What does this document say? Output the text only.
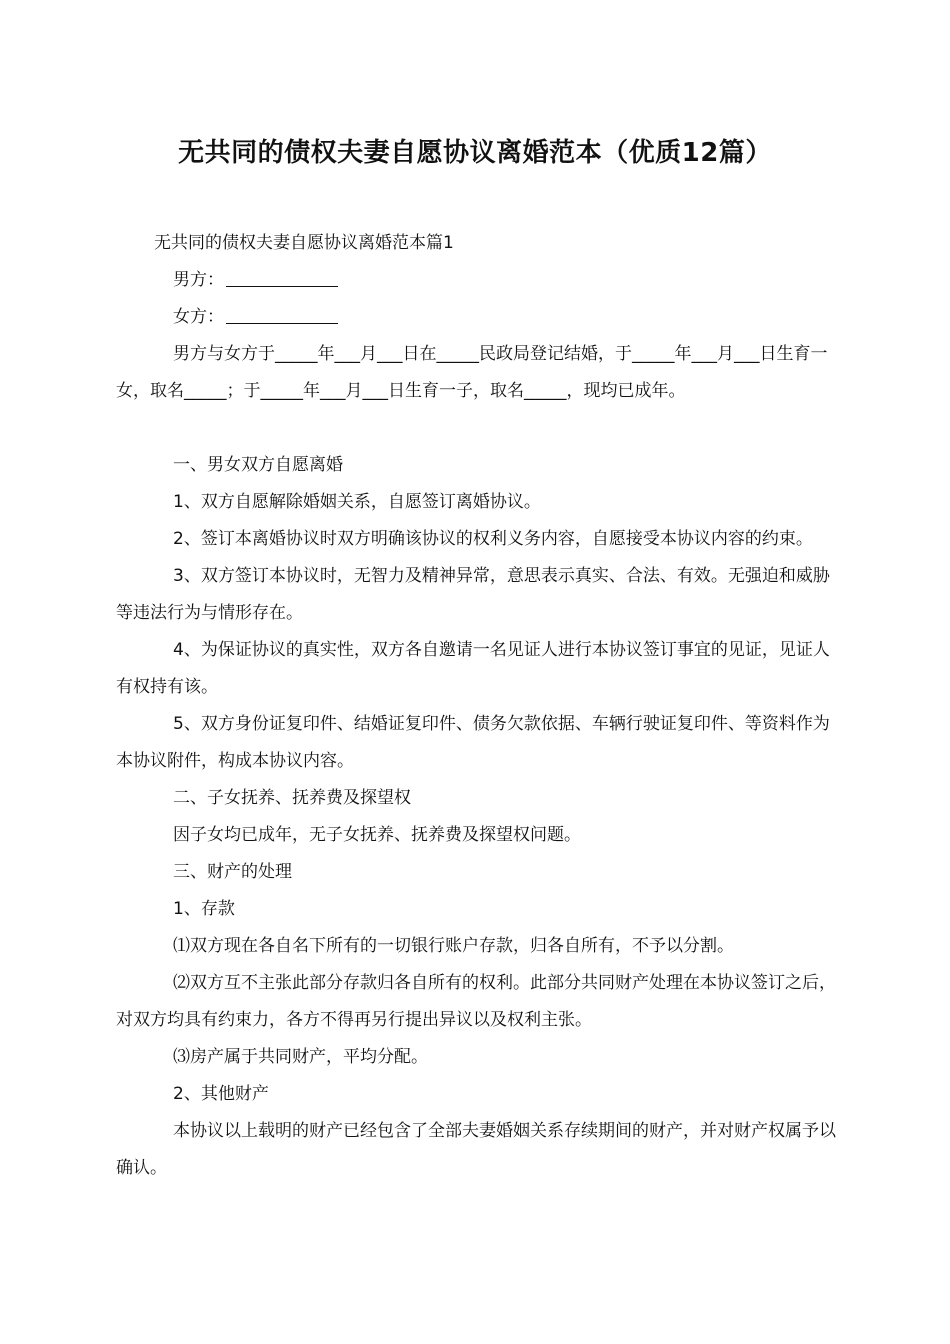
无共同的债权夫妻自愿协议离婚范本（优质12篇）

无共同的债权夫妻自愿协议离婚范本篇1

男方：

女方：

男方与女方于_____年___月___日在_____民政局登记结婚，于_____年___月___日生育一女，取名_____；于_____年___月___日生育一子，取名_____，现均已成年。

一、男女双方自愿离婚

1、双方自愿解除婚姻关系，自愿签订离婚协议。

2、签订本离婚协议时双方明确该协议的权利义务内容，自愿接受本协议内容的约束。

3、双方签订本协议时，无智力及精神异常，意思表示真实、合法、有效。无强迫和威胁等违法行为与情形存在。

4、为保证协议的真实性，双方各自邀请一名见证人进行本协议签订事宜的见证，见证人有权持有该。

5、双方身份证复印件、结婚证复印件、债务欠款依据、车辆行驶证复印件、等资料作为本协议附件，构成本协议内容。

二、子女抚养、抚养费及探望权

因子女均已成年，无子女抚养、抚养费及探望权问题。

三、财产的处理

1、存款

⑴双方现在各自名下所有的一切银行账户存款，归各自所有，不予以分割。

⑵双方互不主张此部分存款归各自所有的权利。此部分共同财产处理在本协议签订之后，对双方均具有约束力，各方不得再另行提出异议以及权利主张。

⑶房产属于共同财产，平均分配。

2、其他财产

本协议以上载明的财产已经包含了全部夫妻婚姻关系存续期间的财产，并对财产权属予以确认。
